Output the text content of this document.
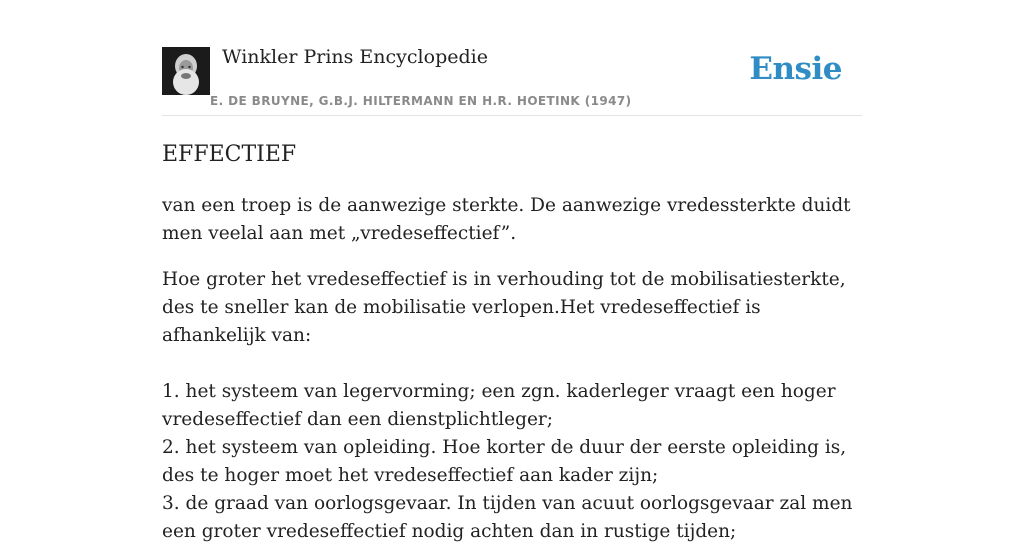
Winkler Prins Encyclopedie
E. DE BRUYNE, G.B.J. HILTERMANN EN H.R. HOETINK (1947)
Ensie
EFFECTIEF

van een troep is de aanwezige sterkte. De aanwezige vredessterkte duidt men veelal aan met „vredeseffectief”.

Hoe groter het vredeseffectief is in verhouding tot de mobilisatiesterkte, des te sneller kan de mobilisatie verlopen.Het vredeseffectief is afhankelijk van:

1. het systeem van legervorming; een zgn. kaderleger vraagt een hoger vredeseffectief dan een dienstplichtleger;
2. het systeem van opleiding. Hoe korter de duur der eerste opleiding is, des te hoger moet het vredeseffectief aan kader zijn;
3. de graad van oorlogsgevaar. In tijden van acuut oorlogsgevaar zal men een groter vredeseffectief nodig achten dan in rustige tijden;
